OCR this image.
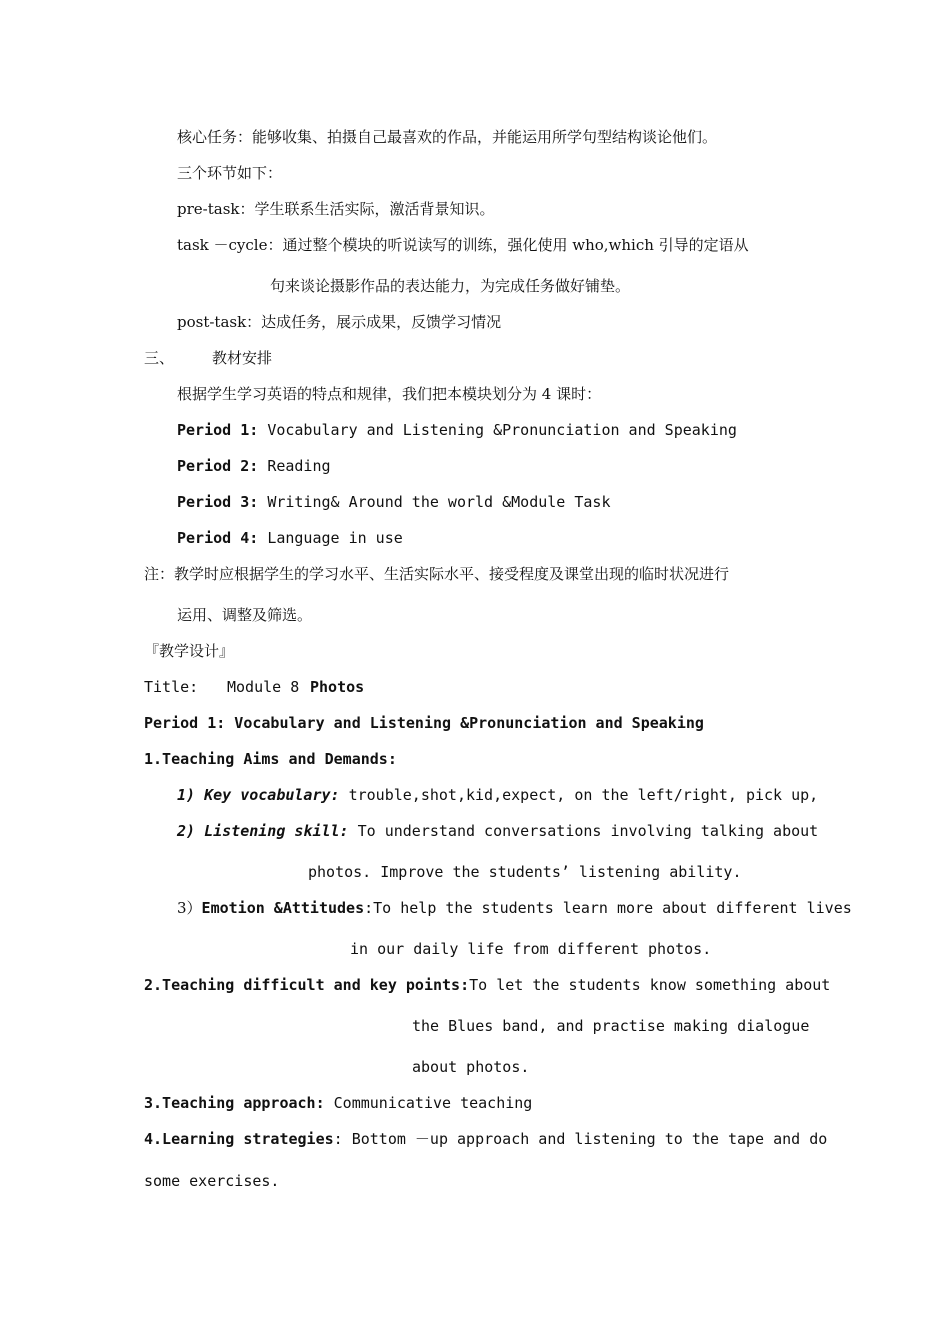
核心任务：能够收集、拍摄自己最喜欢的作品，并能运用所学句型结构谈论他们。
三个环节如下：
pre-task：学生联系生活实际，激活背景知识。
task －cycle：通过整个模块的听说读写的训练，强化使用 who,which 引导的定语从
句来谈论摄影作品的表达能力，为完成任务做好铺垫。
post-task：达成任务，展示成果，反馈学习情况
三、	教材安排
根据学生学习英语的特点和规律，我们把本模块划分为 4 课时：
Period 1: Vocabulary and Listening &Pronunciation and Speaking
Period 2: Reading
Period 3: Writing& Around the world &Module Task
Period 4: Language in use
注：教学时应根据学生的学习水平、生活实际水平、接受程度及课堂出现的临时状况进行
运用、调整及筛选。
『教学设计』
Title: Module 8 Photos
Period 1: Vocabulary and Listening &Pronunciation and Speaking
1.Teaching Aims and Demands:
1) Key vocabulary: trouble,shot,kid,expect, on the left/right, pick up,
2) Listening skill: To understand conversations involving talking about
photos. Improve the students’ listening ability.
3）Emotion &Attitudes:To help the students learn more about different lives
in our daily life from different photos.
2.Teaching difficult and key points:To let the students know something about
the Blues band, and practise making dialogue
about photos.
3.Teaching approach: Communicative teaching
4.Learning strategies: Bottom －up approach and listening to the tape and do
some exercises.
